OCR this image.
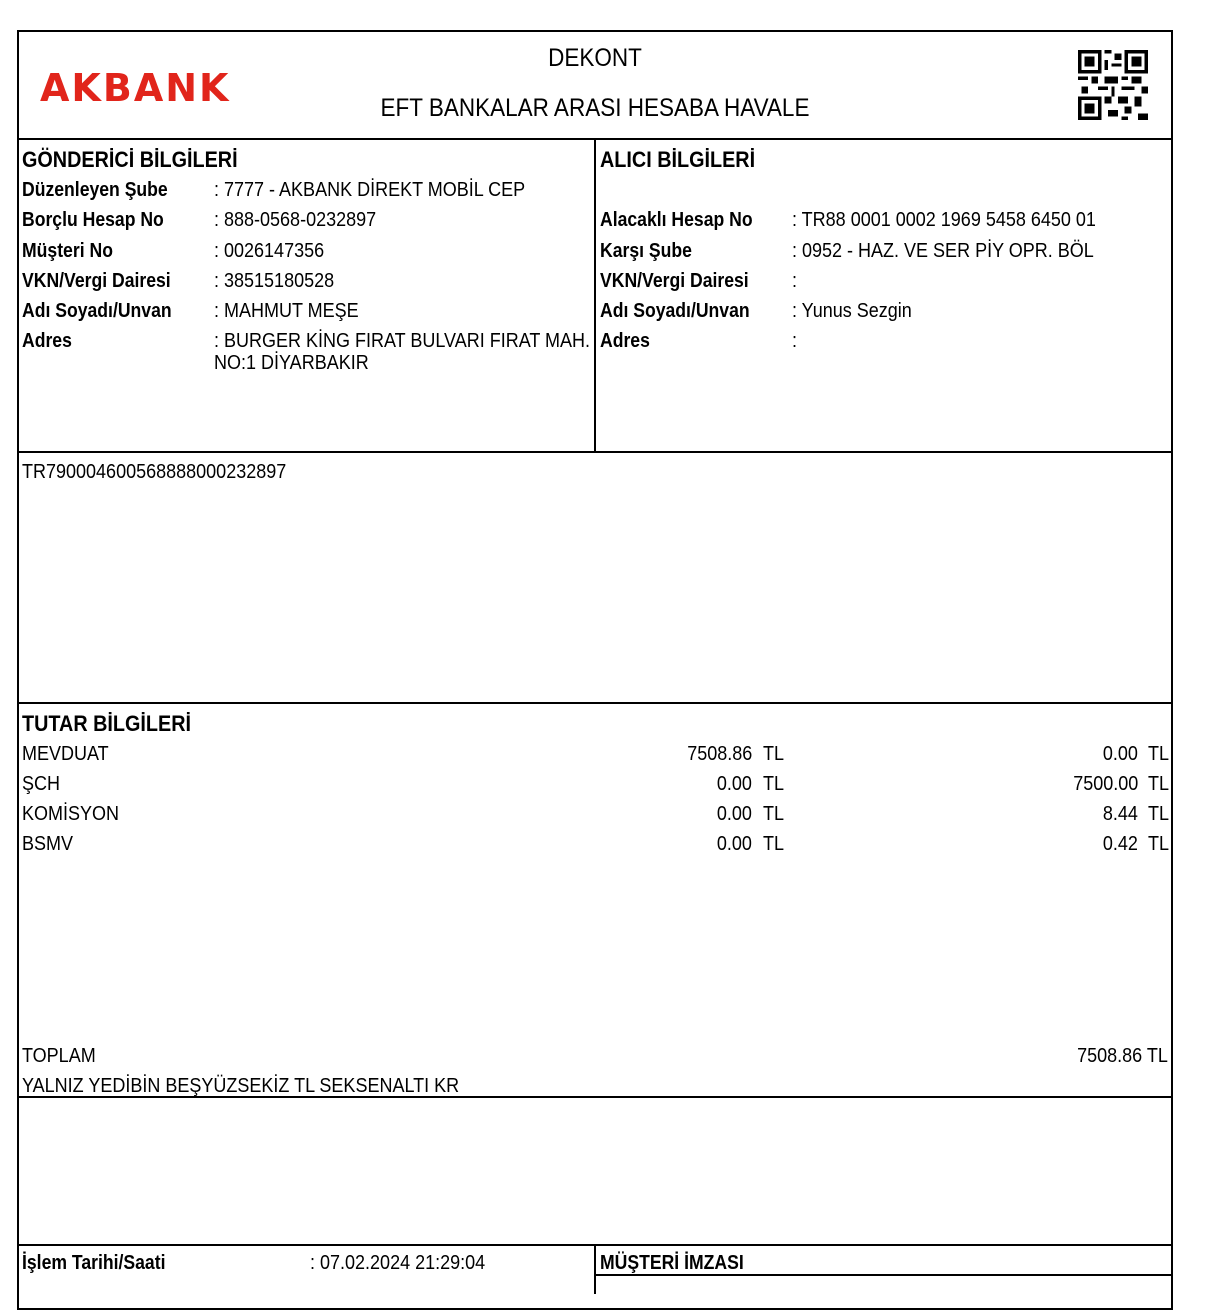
AKBANK
DEKONT
EFT BANKALAR ARASI HESABA HAVALE
GÖNDERİCİ BİLGİLERİ
Düzenleyen Şube : 7777 - AKBANK DİREKT MOBİL CEP
Borçlu Hesap No	: 888-0568-0232897
Müşteri No	: 0026147356
VKN/Vergi Dairesi : 38515180528
Adı Soyadı/Unvan : MAHMUT MEŞE
Adres	: BURGER KİNG FIRAT BULVARI FIRAT MAH.
NO:1 DİYARBAKIR
ALICI BİLGİLERİ
Alacaklı Hesap No : TR88 0001 0002 1969 5458 6450 01
Karşı Şube	: 0952 - HAZ. VE SER PİY OPR. BÖL
VKN/Vergi Dairesi :
Adı Soyadı/Unvan : Yunus Sezgin
Adres	:
TR790004600568888000232897
TUTAR BİLGİLERİ
MEVDUAT	7508.86 TL	0.00 TL
ŞCH	0.00 TL	7500.00 TL
KOMİSYON	0.00 TL	8.44 TL
BSMV	0.00 TL	0.42 TL
TOPLAM	7508.86 TL
YALNIZ YEDİBİN BEŞYÜZSEKİZ TL SEKSENALTI KR
İşlem Tarihi/Saati	: 07.02.2024 21:29:04	MÜŞTERİ İMZASI
